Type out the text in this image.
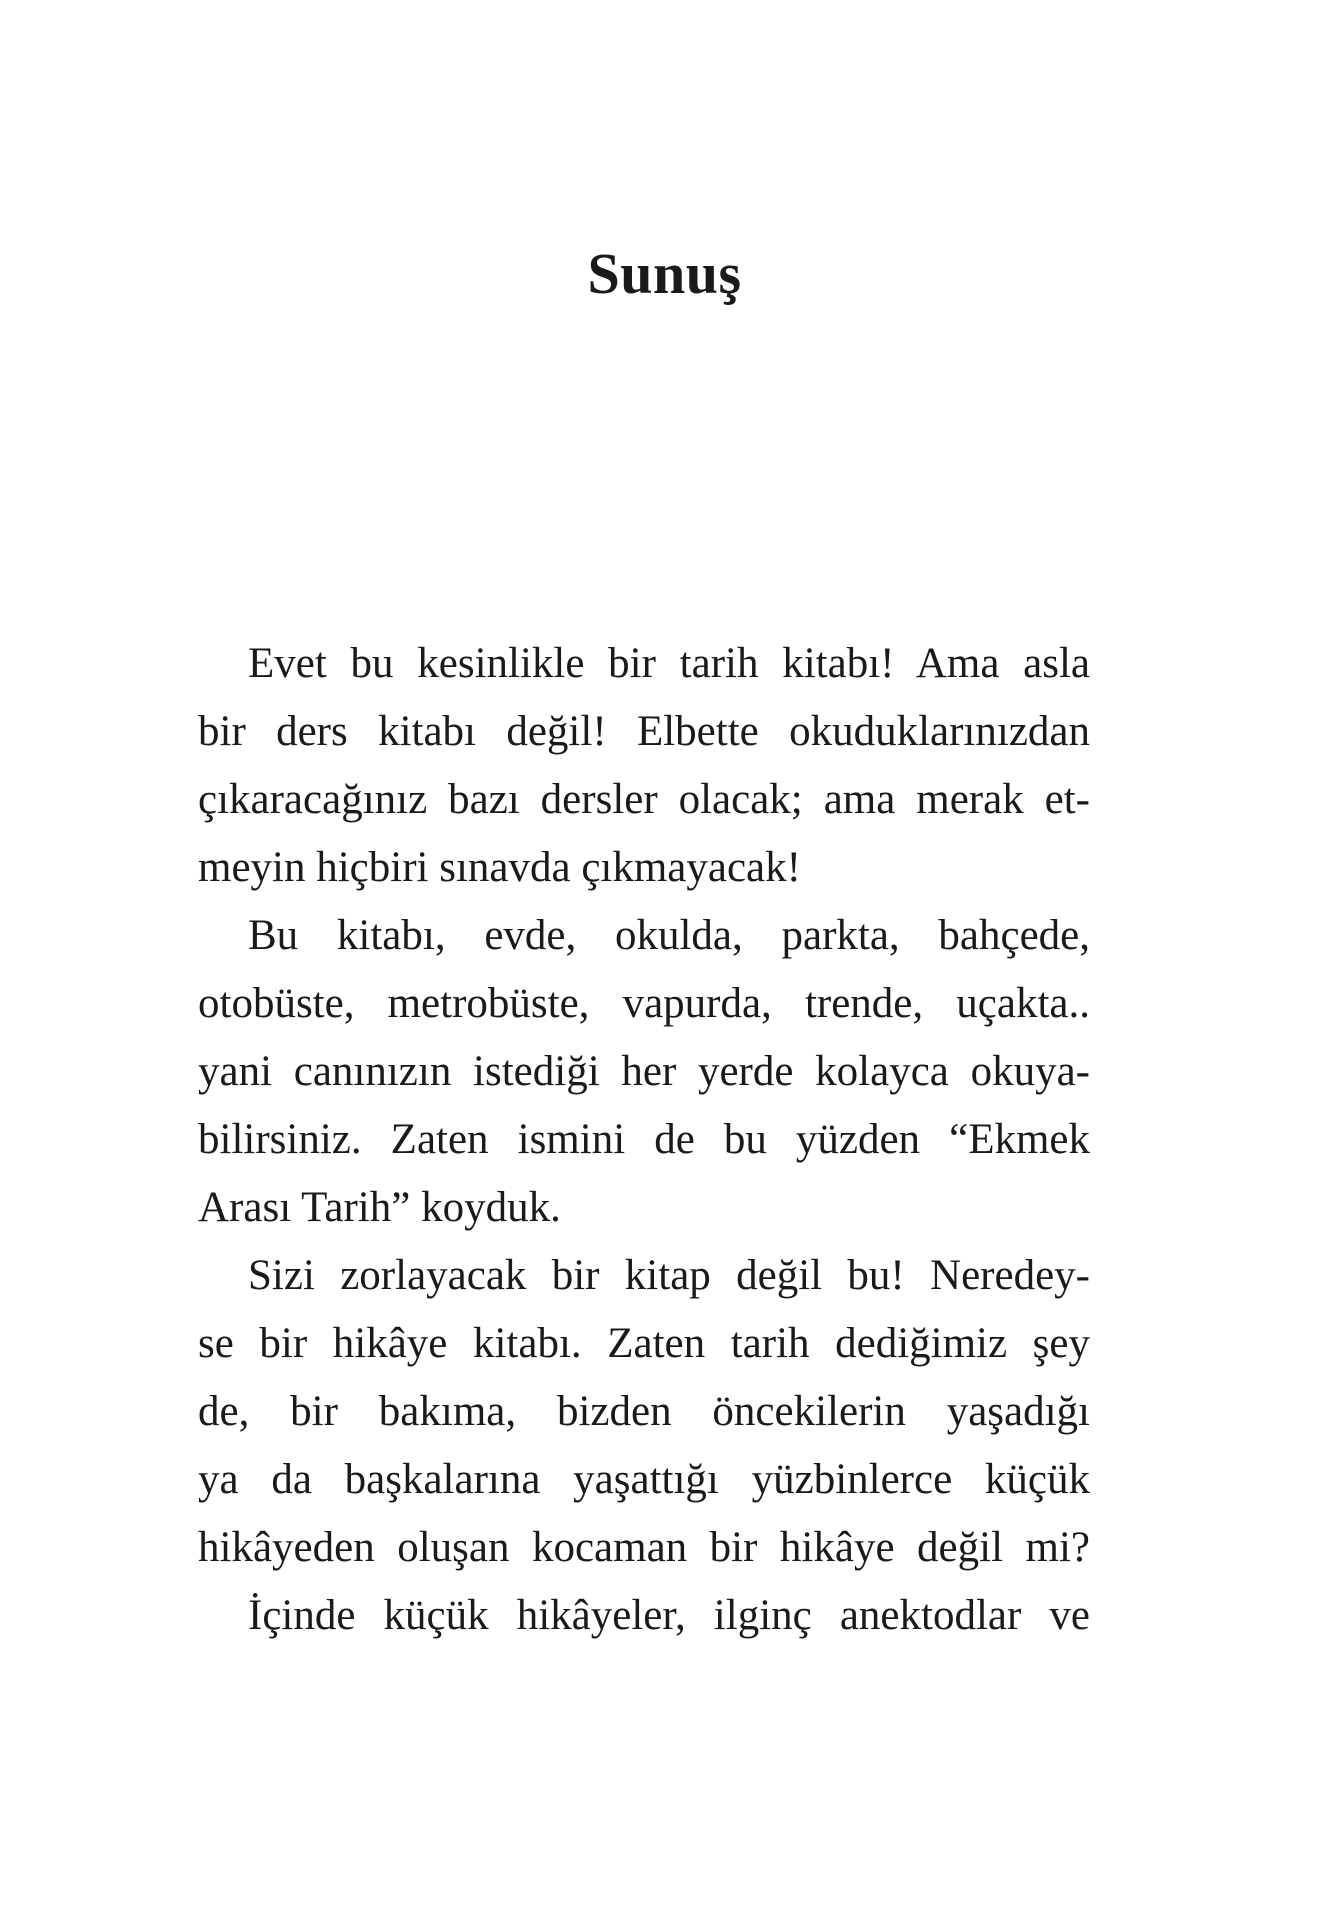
Sunuş
Evet bu kesinlikle bir tarih kitabı! Ama asla
bir ders kitabı değil! Elbette okuduklarınızdan
çıkaracağınız bazı dersler olacak; ama merak et-
meyin hiçbiri sınavda çıkmayacak!
Bu kitabı, evde, okulda, parkta, bahçede,
otobüste, metrobüste, vapurda, trende, uçakta..
yani canınızın istediği her yerde kolayca okuya-
bilirsiniz. Zaten ismini de bu yüzden “Ekmek
Arası Tarih” koyduk.
Sizi zorlayacak bir kitap değil bu! Neredey-
se bir hikâye kitabı. Zaten tarih dediğimiz şey
de, bir bakıma, bizden öncekilerin yaşadığı
ya da başkalarına yaşattığı yüzbinlerce küçük
hikâyeden oluşan kocaman bir hikâye değil mi?
İçinde küçük hikâyeler, ilginç anektodlar ve
